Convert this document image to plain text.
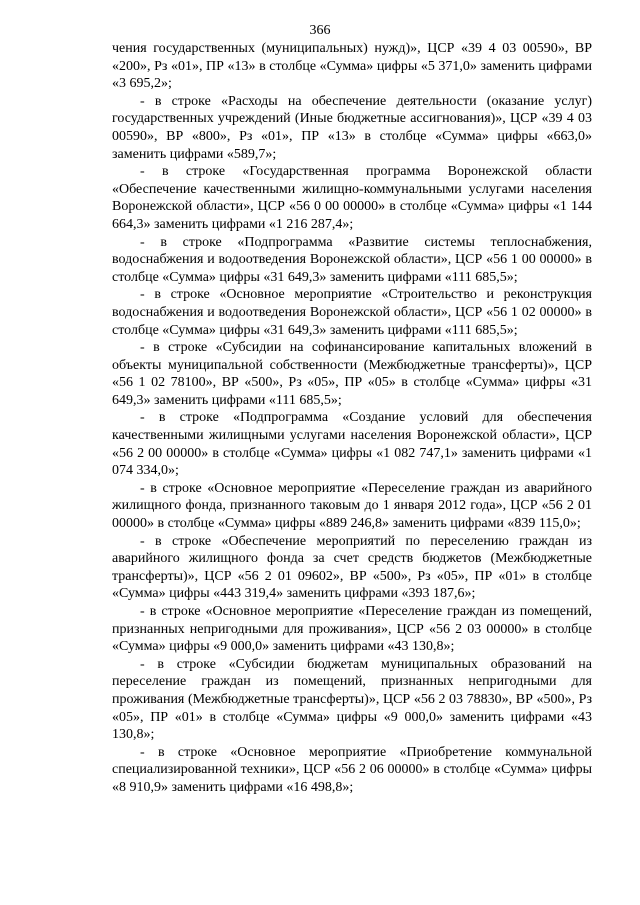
366

чения государственных (муниципальных) нужд)», ЦСР «39 4 03 00590», ВР «200», Рз «01», ПР «13» в столбце «Сумма» цифры «5 371,0» заменить цифрами «3 695,2»;

- в строке «Расходы на обеспечение деятельности (оказание услуг) государственных учреждений (Иные бюджетные ассигнования)», ЦСР «39 4 03 00590», ВР «800», Рз «01», ПР «13» в столбце «Сумма» цифры «663,0» заменить цифрами «589,7»;

- в строке «Государственная программа Воронежской области «Обеспечение качественными жилищно-коммунальными услугами населения Воронежской области», ЦСР «56 0 00 00000» в столбце «Сумма» цифры «1 144 664,3» заменить цифрами «1 216 287,4»;

- в строке «Подпрограмма «Развитие системы теплоснабжения, водоснабжения и водоотведения Воронежской области», ЦСР «56 1 00 00000» в столбце «Сумма» цифры «31 649,3» заменить цифрами «111 685,5»;

- в строке «Основное мероприятие «Строительство и реконструкция водоснабжения и водоотведения Воронежской области», ЦСР «56 1 02 00000» в столбце «Сумма» цифры «31 649,3» заменить цифрами «111 685,5»;

- в строке «Субсидии на софинансирование капитальных вложений в объекты муниципальной собственности (Межбюджетные трансферты)», ЦСР «56 1 02 78100», ВР «500», Рз «05», ПР «05» в столбце «Сумма» цифры «31 649,3» заменить цифрами «111 685,5»;

- в строке «Подпрограмма «Создание условий для обеспечения качественными жилищными услугами населения Воронежской области», ЦСР «56 2 00 00000» в столбце «Сумма» цифры «1 082 747,1» заменить цифрами «1 074 334,0»;

- в строке «Основное мероприятие «Переселение граждан из аварийного жилищного фонда, признанного таковым до 1 января 2012 года», ЦСР «56 2 01 00000» в столбце «Сумма» цифры «889 246,8» заменить цифрами «839 115,0»;

- в строке «Обеспечение мероприятий по переселению граждан из аварийного жилищного фонда за счет средств бюджетов (Межбюджетные трансферты)», ЦСР «56 2 01 09602», ВР «500», Рз «05», ПР «01» в столбце «Сумма» цифры «443 319,4» заменить цифрами «393 187,6»;

- в строке «Основное мероприятие «Переселение граждан из помещений, признанных непригодными для проживания», ЦСР «56 2 03 00000» в столбце «Сумма» цифры «9 000,0» заменить цифрами «43 130,8»;

- в строке «Субсидии бюджетам муниципальных образований на переселение граждан из помещений, признанных непригодными для проживания (Межбюджетные трансферты)», ЦСР «56 2 03 78830», ВР «500», Рз «05», ПР «01» в столбце «Сумма» цифры «9 000,0» заменить цифрами «43 130,8»;

- в строке «Основное мероприятие «Приобретение коммунальной специализированной техники», ЦСР «56 2 06 00000» в столбце «Сумма» цифры «8 910,9» заменить цифрами «16 498,8»;
